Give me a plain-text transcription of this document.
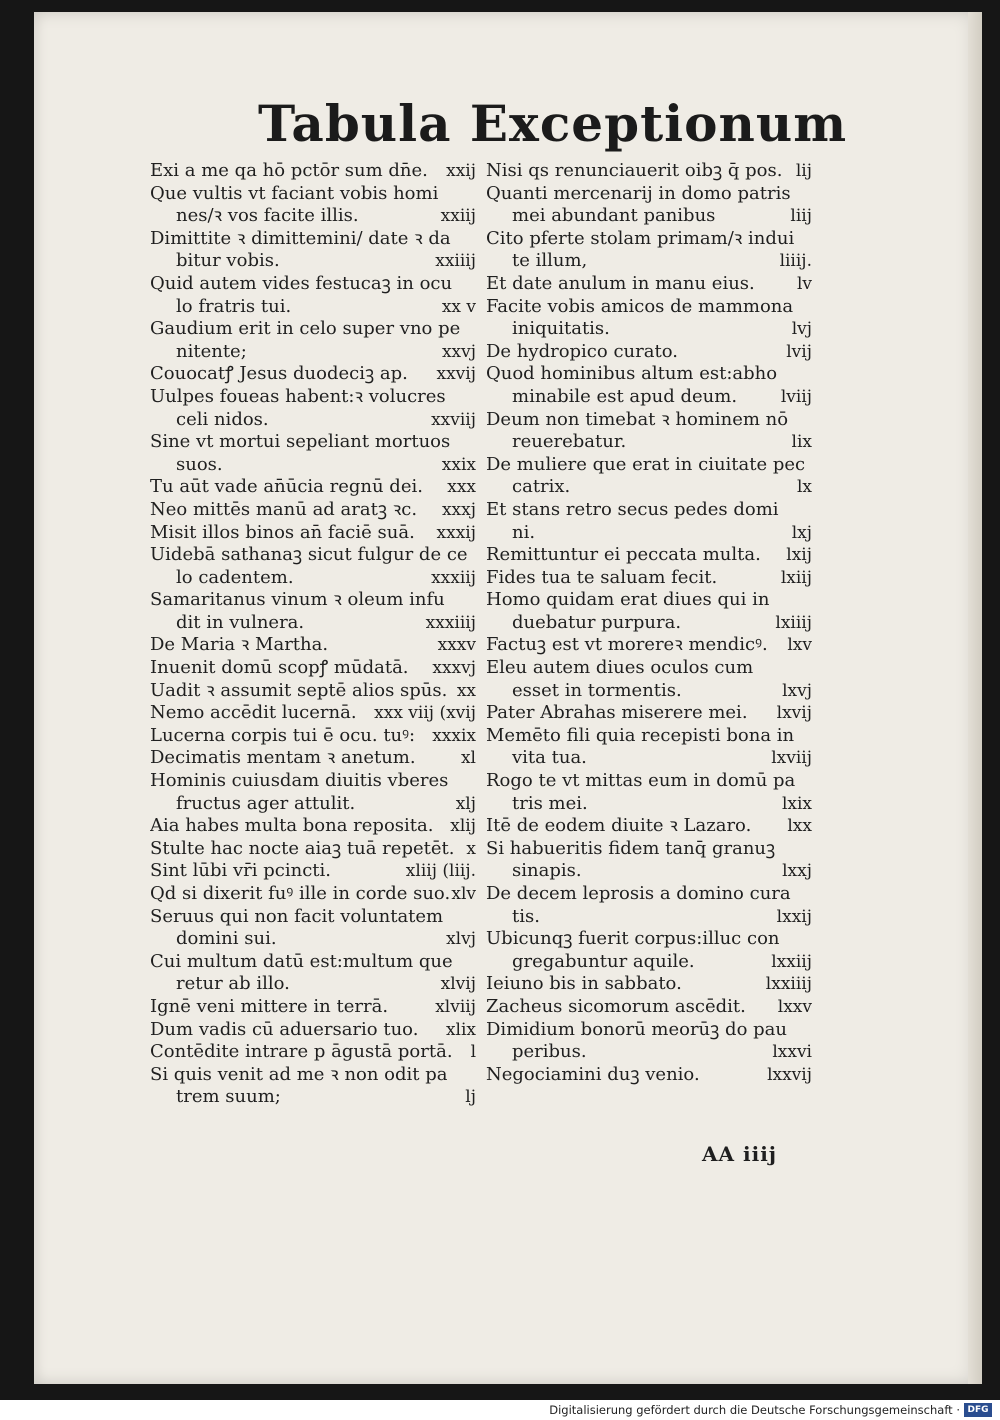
Tabula Exceptionum
Exi a me qa hō pctōr sum dn̄e.	xxij
Que vultis vt faciant vobis homi
nes/ꝛ vos facite illis.	xxiij
Dimittite ꝛ dimittemini/ date ꝛ da
bitur vobis.	xxiiij
Quid autem vides festucaꝫ in ocu
lo fratris tui.	xx v
Gaudium erit in celo super vno pe
nitente;	xxvj
Couocatꝭ Jesus duodeciꝫ ap.	xxvij
Uulpes foueas habent:ꝛ volucres
celi nidos.	xxviij
Sine vt mortui sepeliant mortuos
suos.	xxix
Tu aūt vade an̄ūcia regnū dei.	xxx
Neo mittēs manū ad aratꝫ ꝛc.	xxxj
Misit illos binos an̄ faciē suā.	xxxij
Uidebā sathanaꝫ sicut fulgur de ce
lo cadentem.	xxxiij
Samaritanus vinum ꝛ oleum infu
dit in vulnera.	xxxiiij
De Maria ꝛ Martha.	xxxv
Inuenit domū scopꝭ mūdatā.	xxxvj
Uadit ꝛ assumit septē alios spūs. xx
Nemo accēdit lucernā.	xxx viij (xvij
Lucerna corpis tui ē ocu. tuꝰ:	xxxix
Decimatis mentam ꝛ anetum.	xl
Hominis cuiusdam diuitis vberes
fructus ager attulit.	xlj
Aia habes multa bona reposita. xlij
Stulte hac nocte aiaꝫ tuā repetēt. x
Sint lūbi vr̄i pcincti.	xliij (liij.
Qd̄ si dixerit fuꝰ ille in corde suo. xlv
Seruus qui non facit voluntatem
domini sui.	xlvj
Cui multum datū est:multum que
retur ab illo.	xlvij
Ignē veni mittere in terrā.	xlviij
Dum vadis cū aduersario tuo.	xlix
Contēdite intrare p āgustā portā.	l
Si quis venit ad me ꝛ non odit pa
trem suum;	lj
Nisi qs renunciauerit oibꝫ q̄ pos. lij
Quanti mercenarij in domo patris
mei abundant panibus	liij
Cito pferte stolam primam/ꝛ indui
te illum,	liiij.
Et date anulum in manu eius.	lv
Facite vobis amicos de mammona
iniquitatis.	lvj
De hydropico curato.	lvij
Quod hominibus altum est:abho
minabile est apud deum.	lviij
Deum non timebat ꝛ hominem nō
reuerebatur.	lix
De muliere que erat in ciuitate pec
catrix.	lx
Et stans retro secus pedes domi
ni.	lxj
Remittuntur ei peccata multa.	lxij
Fides tua te saluam fecit.	lxiij
Homo quidam erat diues qui in
duebatur purpura.	lxiiij
Factuꝫ est vt morereꝛ mendicꝰ.	lxv
Eleu autem diues oculos cum
esset in tormentis.	lxvj
Pater Abrahas miserere mei.	lxvij
Memēto fili quia recepisti bona in
vita tua.	lxviij
Rogo te vt mittas eum in domū pa
tris mei.	lxix
Itē de eodem diuite ꝛ Lazaro.	lxx
Si habueritis fidem tanq̄ granuꝫ
sinapis.	lxxj
De decem leprosis a domino cura
tis.	lxxij
Ubicunqꝫ fuerit corpus:illuc con
gregabuntur aquile.	lxxiij
Ieiuno bis in sabbato.	lxxiiij
Zacheus sicomorum ascēdit.	lxxv
Dimidium bonorū meorūꝫ do pau
peribus.	lxxvi
Negociamini duꝫ venio.	lxxvij
AA iiij
Digitalisierung gefördert durch die Deutsche Forschungsgemeinschaft · DFG
